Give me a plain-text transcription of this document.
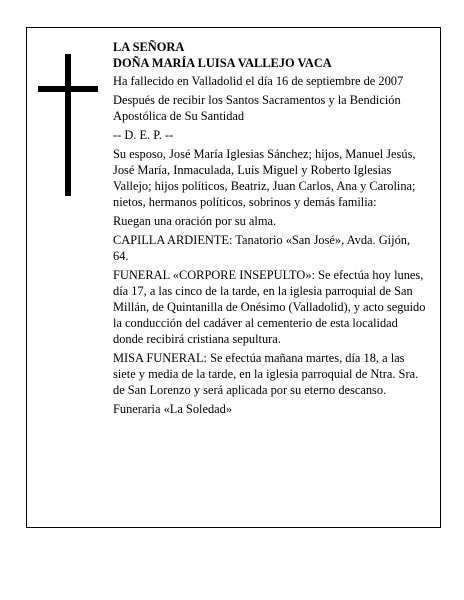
LA SEÑORA

DOÑA MARÍA LUISA VALLEJO VACA

Ha fallecido en Valladolid el día 16 de septiembre de 2007

Después de recibir los Santos Sacramentos y la Bendición Apostólica de Su Santidad

-- D. E. P. --

Su esposo, José María Iglesias Sánchez; hijos, Manuel Jesús, José María, Inmaculada, Luis Miguel y Roberto Iglesias Vallejo; hijos políticos, Beatriz, Juan Carlos, Ana y Carolina; nietos, hermanos políticos, sobrinos y demás familia:

Ruegan una oración por su alma.

CAPILLA ARDIENTE: Tanatorio «San José», Avda. Gijón, 64.

FUNERAL «CORPORE INSEPULTO»: Se efectúa hoy lunes, día 17, a las cinco de la tarde, en la iglesia parroquial de San Millán, de Quintanilla de Onésimo (Valladolid), y acto seguido la conducción del cadáver al cementerio de esta localidad donde recibirá cristiana sepultura.

MISA FUNERAL: Se efectúa mañana martes, día 18, a las siete y media de la tarde, en la iglesia parroquial de Ntra. Sra. de San Lorenzo y será aplicada por su eterno descanso.

Funeraria «La Soledad»
